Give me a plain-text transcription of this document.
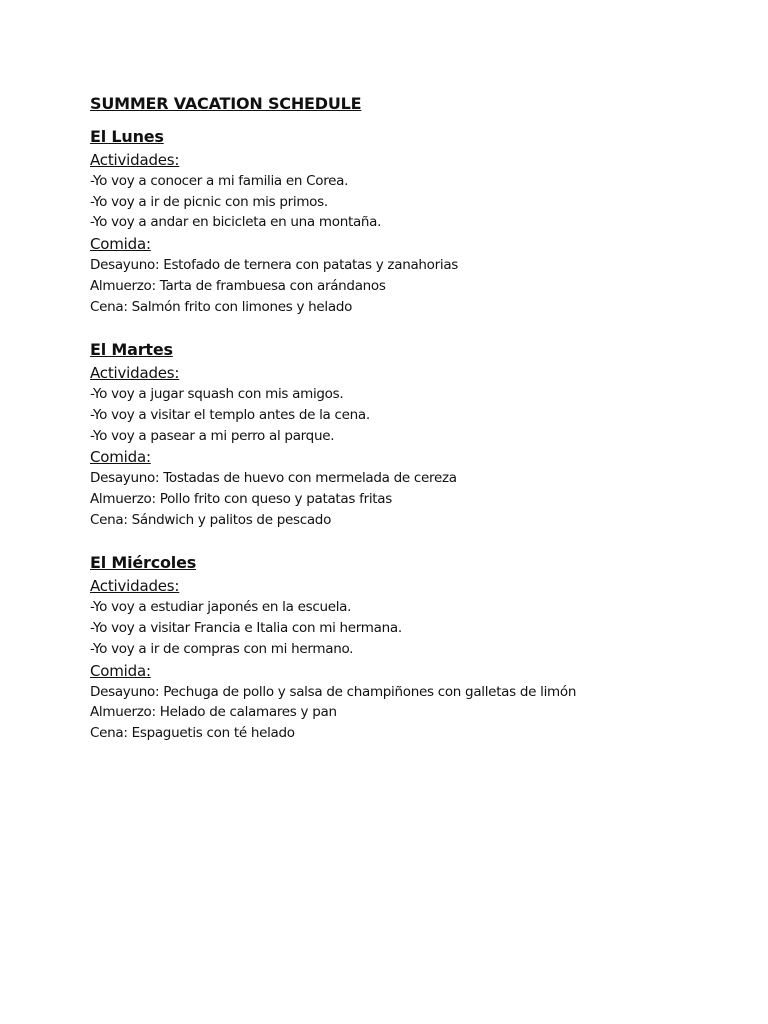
SUMMER VACATION SCHEDULE
El Lunes
Actividades:
-Yo voy a conocer a mi familia en Corea.
-Yo voy a ir de picnic con mis primos.
-Yo voy a andar en bicicleta en una montaña.
Comida:
Desayuno: Estofado de ternera con patatas y zanahorias
Almuerzo: Tarta de frambuesa con arándanos
Cena: Salmón frito con limones y helado
El Martes
Actividades:
-Yo voy a jugar squash con mis amigos.
-Yo voy a visitar el templo antes de la cena.
-Yo voy a pasear a mi perro al parque.
Comida:
Desayuno: Tostadas de huevo con mermelada de cereza
Almuerzo: Pollo frito con queso y patatas fritas
Cena: Sándwich y palitos de pescado
El Miércoles
Actividades:
-Yo voy a estudiar japonés en la escuela.
-Yo voy a visitar Francia e Italia con mi hermana.
-Yo voy a ir de compras con mi hermano.
Comida:
Desayuno: Pechuga de pollo y salsa de champiñones con galletas de limón
Almuerzo: Helado de calamares y pan
Cena: Espaguetis con té helado
